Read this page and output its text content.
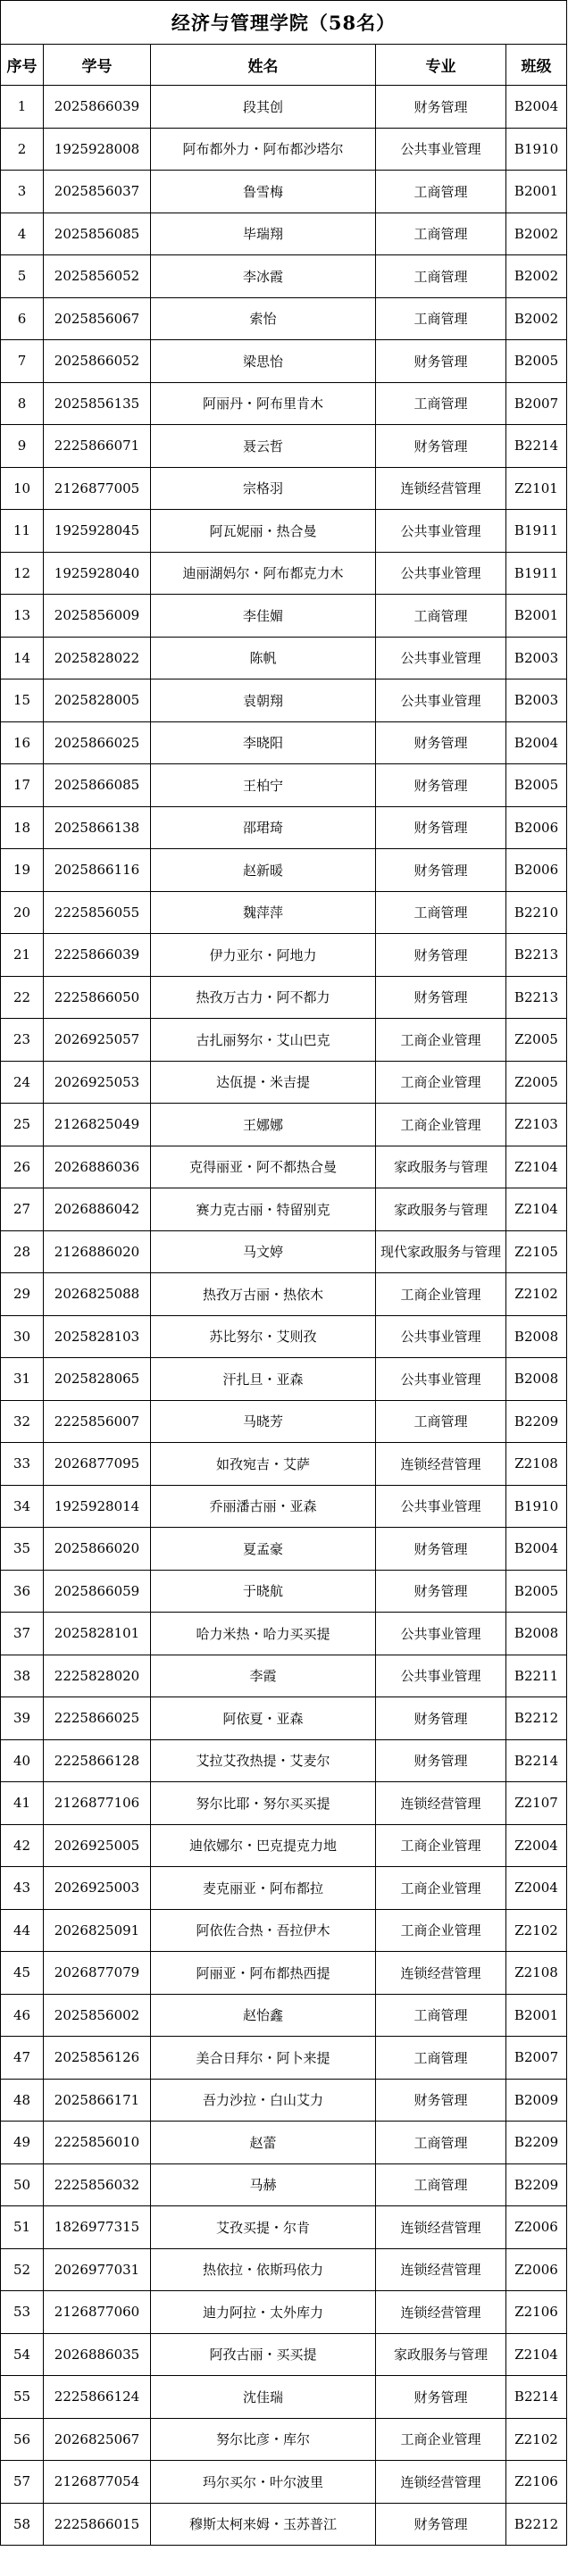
经济与管理学院（58名）				
序号	学号	姓名	专业	班级
1	2025866039	段其创	财务管理	B2004
2	1925928008	阿布都外力・阿布都沙塔尔	公共事业管理	B1910
3	2025856037	鲁雪梅	工商管理	B2001
4	2025856085	毕瑞翔	工商管理	B2002
5	2025856052	李冰霞	工商管理	B2002
6	2025856067	索怡	工商管理	B2002
7	2025866052	梁思怡	财务管理	B2005
8	2025856135	阿丽丹・阿布里肯木	工商管理	B2007
9	2225866071	聂云哲	财务管理	B2214
10	2126877005	宗格羽	连锁经营管理	Z2101
11	1925928045	阿瓦妮丽・热合曼	公共事业管理	B1911
12	1925928040	迪丽湖妈尔・阿布都克力木	公共事业管理	B1911
13	2025856009	李佳媚	工商管理	B2001
14	2025828022	陈帆	公共事业管理	B2003
15	2025828005	袁朝翔	公共事业管理	B2003
16	2025866025	李晓阳	财务管理	B2004
17	2025866085	王柏宁	财务管理	B2005
18	2025866138	邵珺琦	财务管理	B2006
19	2025866116	赵新暖	财务管理	B2006
20	2225856055	魏萍萍	工商管理	B2210
21	2225866039	伊力亚尔・阿地力	财务管理	B2213
22	2225866050	热孜万古力・阿不都力	财务管理	B2213
23	2026925057	古扎丽努尔・艾山巴克	工商企业管理	Z2005
24	2026925053	达佤提・米吉提	工商企业管理	Z2005
25	2126825049	王娜娜	工商企业管理	Z2103
26	2026886036	克得丽亚・阿不都热合曼	家政服务与管理	Z2104
27	2026886042	赛力克古丽・特留别克	家政服务与管理	Z2104
28	2126886020	马文婷	现代家政服务与管理	Z2105
29	2026825088	热孜万古丽・热依木	工商企业管理	Z2102
30	2025828103	苏比努尔・艾则孜	公共事业管理	B2008
31	2025828065	汗扎旦・亚森	公共事业管理	B2008
32	2225856007	马晓芳	工商管理	B2209
33	2026877095	如孜宛吉・艾萨	连锁经营管理	Z2108
34	1925928014	乔丽潘古丽・亚森	公共事业管理	B1910
35	2025866020	夏孟豪	财务管理	B2004
36	2025866059	于晓航	财务管理	B2005
37	2025828101	哈力米热・哈力买买提	公共事业管理	B2008
38	2225828020	李霞	公共事业管理	B2211
39	2225866025	阿依夏・亚森	财务管理	B2212
40	2225866128	艾拉艾孜热提・艾麦尔	财务管理	B2214
41	2126877106	努尔比耶・努尔买买提	连锁经营管理	Z2107
42	2026925005	迪依娜尔・巴克提克力地	工商企业管理	Z2004
43	2026925003	麦克丽亚・阿布都拉	工商企业管理	Z2004
44	2026825091	阿依佐合热・吾拉伊木	工商企业管理	Z2102
45	2026877079	阿丽亚・阿布都热西提	连锁经营管理	Z2108
46	2025856002	赵怡鑫	工商管理	B2001
47	2025856126	美合日拜尔・阿卜来提	工商管理	B2007
48	2025866171	吾力沙拉・白山艾力	财务管理	B2009
49	2225856010	赵蕾	工商管理	B2209
50	2225856032	马赫	工商管理	B2209
51	1826977315	艾孜买提・尔肯	连锁经营管理	Z2006
52	2026977031	热依拉・依斯玛依力	连锁经营管理	Z2006
53	2126877060	迪力阿拉・太外库力	连锁经营管理	Z2106
54	2026886035	阿孜古丽・买买提	家政服务与管理	Z2104
55	2225866124	沈佳瑞	财务管理	B2214
56	2026825067	努尔比彦・库尔	工商企业管理	Z2102
57	2126877054	玛尔买尔・叶尔波里	连锁经营管理	Z2106
58	2225866015	穆斯太柯来姆・玉苏普江	财务管理	B2212
